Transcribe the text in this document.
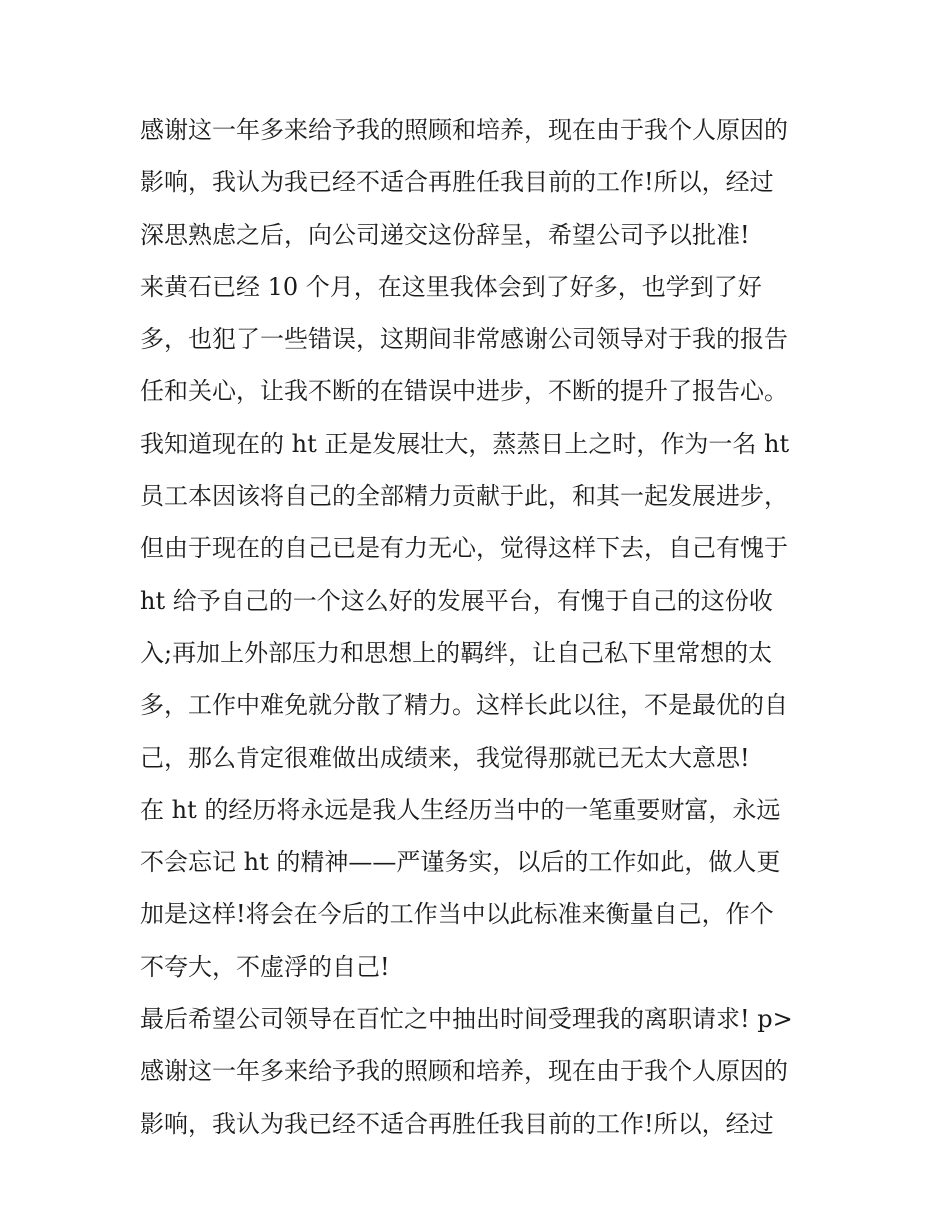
感谢这一年多来给予我的照顾和培养，现在由于我个人原因的
影响，我认为我已经不适合再胜任我目前的工作!所以，经过
深思熟虑之后，向公司递交这份辞呈，希望公司予以批准!
来黄石已经 10 个月，在这里我体会到了好多，也学到了好
多，也犯了一些错误，这期间非常感谢公司领导对于我的报告
任和关心，让我不断的在错误中进步，不断的提升了报告心。
我知道现在的 ht 正是发展壮大，蒸蒸日上之时，作为一名 ht
员工本因该将自己的全部精力贡献于此，和其一起发展进步，
但由于现在的自己已是有力无心，觉得这样下去，自己有愧于
ht 给予自己的一个这么好的发展平台，有愧于自己的这份收
入;再加上外部压力和思想上的羁绊，让自己私下里常想的太
多，工作中难免就分散了精力。这样长此以往，不是最优的自
己，那么肯定很难做出成绩来，我觉得那就已无太大意思!
在 ht 的经历将永远是我人生经历当中的一笔重要财富，永远
不会忘记 ht 的精神——严谨务实，以后的工作如此，做人更
加是这样!将会在今后的工作当中以此标准来衡量自己，作个
不夸大，不虚浮的自己!
最后希望公司领导在百忙之中抽出时间受理我的离职请求! p>
感谢这一年多来给予我的照顾和培养，现在由于我个人原因的
影响，我认为我已经不适合再胜任我目前的工作!所以，经过
